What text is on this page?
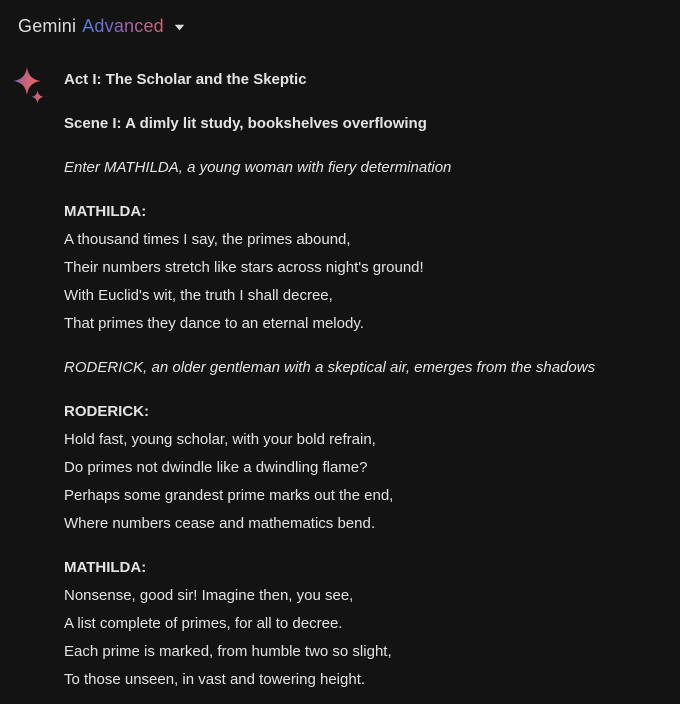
Gemini Advanced

Act I: The Scholar and the Skeptic

Scene I: A dimly lit study, bookshelves overflowing

Enter MATHILDA, a young woman with fiery determination

MATHILDA:
A thousand times I say, the primes abound,
Their numbers stretch like stars across night's ground!
With Euclid's wit, the truth I shall decree,
That primes they dance to an eternal melody.

RODERICK, an older gentleman with a skeptical air, emerges from the shadows

RODERICK:
Hold fast, young scholar, with your bold refrain,
Do primes not dwindle like a dwindling flame?
Perhaps some grandest prime marks out the end,
Where numbers cease and mathematics bend.

MATHILDA:
Nonsense, good sir! Imagine then, you see,
A list complete of primes, for all to decree.
Each prime is marked, from humble two so slight,
To those unseen, in vast and towering height.
